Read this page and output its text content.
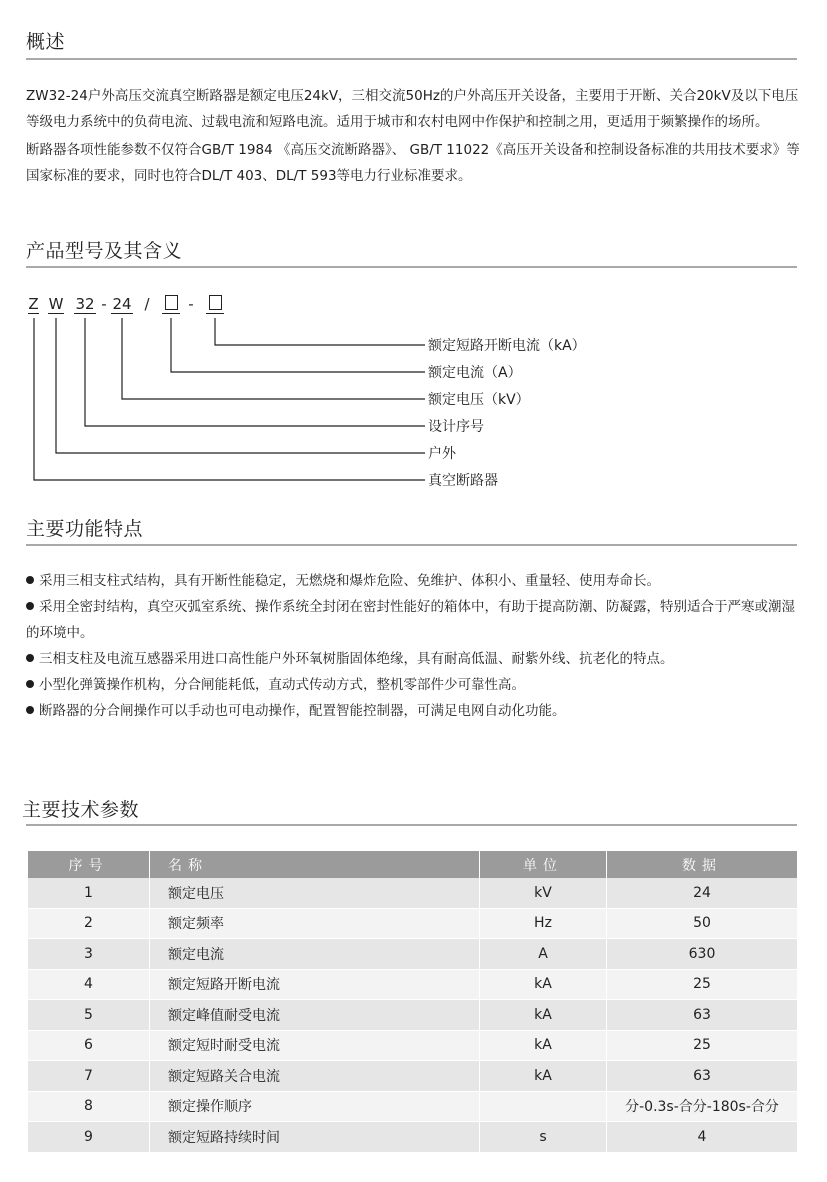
概述

ZW32-24户外高压交流真空断路器是额定电压24kV，三相交流50Hz的户外高压开关设备，主要用于开断、关合20kV及以下电压等级电力系统中的负荷电流、过载电流和短路电流。适用于城市和农村电网中作保护和控制之用，更适用于频繁操作的场所。

断路器各项性能参数不仅符合GB/T 1984 《高压交流断路器》、 GB/T 11022《高压开关设备和控制设备标准的共用技术要求》等国家标准的要求，同时也符合DL/T 403、DL/T 593等电力行业标准要求。

产品型号及其含义
Z W 32 - 24 /	-
额定短路开断电流（kA）
额定电流（A）
额定电压（kV）
设计序号
户外
真空断路器
主要功能特点

采用三相支柱式结构，具有开断性能稳定，无燃烧和爆炸危险、免维护、体积小、重量轻、使用寿命长。

采用全密封结构，真空灭弧室系统、操作系统全封闭在密封性能好的箱体中，有助于提高防潮、防凝露，特别适合于严寒或潮湿的环境中。

三相支柱及电流互感器采用进口高性能户外环氧树脂固体绝缘，具有耐高低温、耐紫外线、抗老化的特点。

小型化弹簧操作机构，分合闸能耗低，直动式传动方式，整机零部件少可靠性高。

断路器的分合闸操作可以手动也可电动操作，配置智能控制器，可满足电网自动化功能。

主要技术参数
序号	名称	单位	数据
1	额定电压	kV	24
2	额定频率	Hz	50
3	额定电流	A	630
4	额定短路开断电流	kA	25
5	额定峰值耐受电流	kA	63
6	额定短时耐受电流	kA	25
7	额定短路关合电流	kA	63
8	额定操作顺序		分-0.3s-合分-180s-合分
9	额定短路持续时间	s	4
